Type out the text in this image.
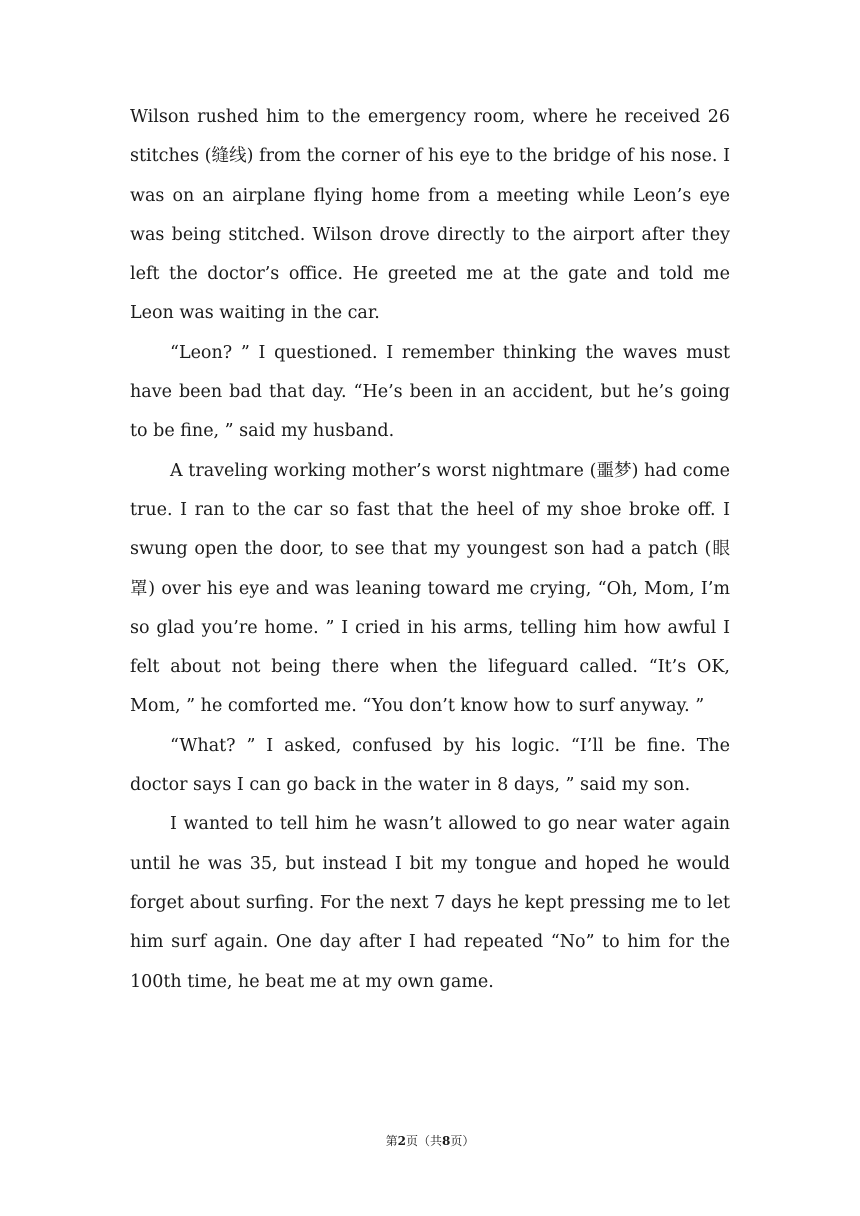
Wilson rushed him to the emergency room, where he received 26 stitches (缝线) from the corner of his eye to the bridge of his nose. I was on an airplane flying home from a meeting while Leon’s eye was being stitched. Wilson drove directly to the airport after they left the doctor’s office. He greeted me at the gate and told me Leon was waiting in the car.

“Leon? ” I questioned. I remember thinking the waves must have been bad that day. “He’s been in an accident, but he’s going to be fine, ” said my husband.

A traveling working mother’s worst nightmare (噩梦) had come true. I ran to the car so fast that the heel of my shoe broke off. I swung open the door, to see that my youngest son had a patch (眼罩) over his eye and was leaning toward me crying, “Oh, Mom, I’m so glad you’re home. ” I cried in his arms, telling him how awful I felt about not being there when the lifeguard called. “It’s OK, Mom, ” he comforted me. “You don’t know how to surf anyway. ”

“What? ” I asked, confused by his logic. “I’ll be fine. The doctor says I can go back in the water in 8 days, ” said my son.

I wanted to tell him he wasn’t allowed to go near water again until he was 35, but instead I bit my tongue and hoped he would forget about surfing. For the next 7 days he kept pressing me to let him surf again. One day after I had repeated “No” to him for the 100th time, he beat me at my own game.

第2页（共8页）
